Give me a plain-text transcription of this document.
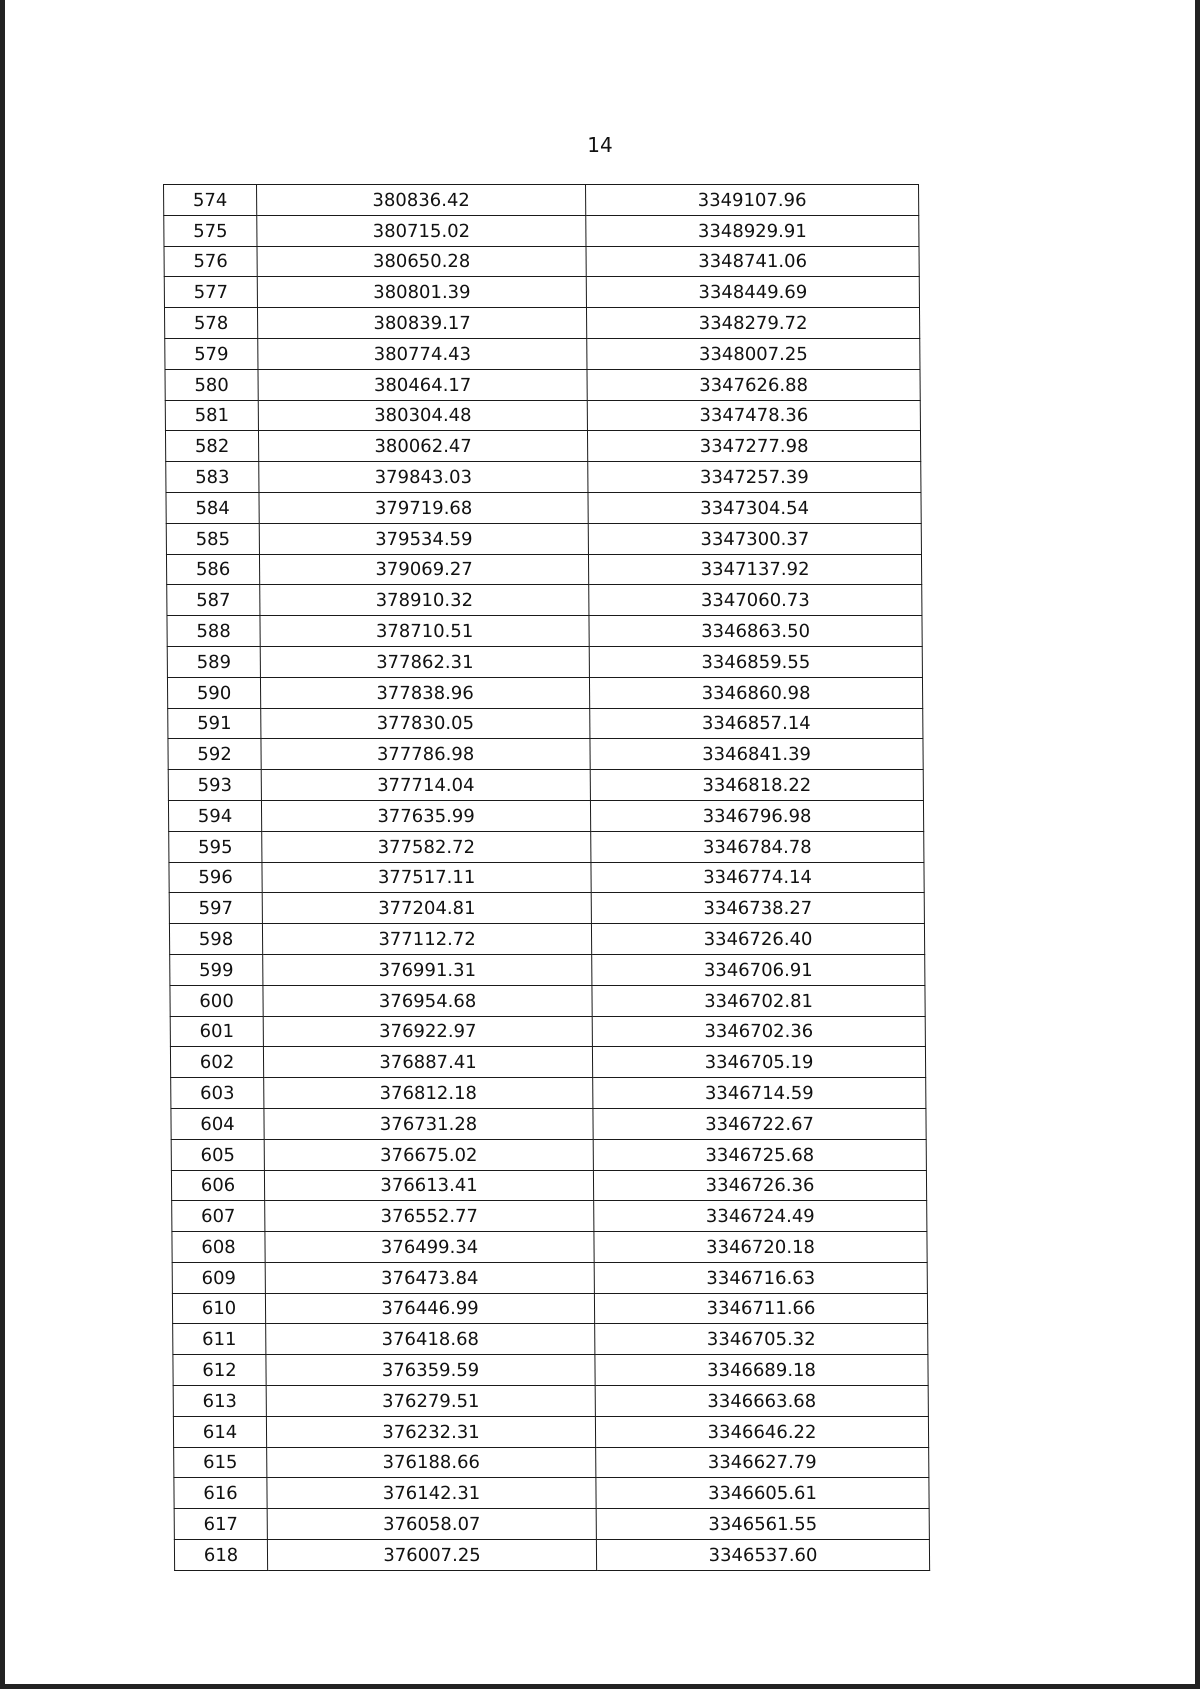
14
574	380836.42	3349107.96
575	380715.02	3348929.91
576	380650.28	3348741.06
577	380801.39	3348449.69
578	380839.17	3348279.72
579	380774.43	3348007.25
580	380464.17	3347626.88
581	380304.48	3347478.36
582	380062.47	3347277.98
583	379843.03	3347257.39
584	379719.68	3347304.54
585	379534.59	3347300.37
586	379069.27	3347137.92
587	378910.32	3347060.73
588	378710.51	3346863.50
589	377862.31	3346859.55
590	377838.96	3346860.98
591	377830.05	3346857.14
592	377786.98	3346841.39
593	377714.04	3346818.22
594	377635.99	3346796.98
595	377582.72	3346784.78
596	377517.11	3346774.14
597	377204.81	3346738.27
598	377112.72	3346726.40
599	376991.31	3346706.91
600	376954.68	3346702.81
601	376922.97	3346702.36
602	376887.41	3346705.19
603	376812.18	3346714.59
604	376731.28	3346722.67
605	376675.02	3346725.68
606	376613.41	3346726.36
607	376552.77	3346724.49
608	376499.34	3346720.18
609	376473.84	3346716.63
610	376446.99	3346711.66
611	376418.68	3346705.32
612	376359.59	3346689.18
613	376279.51	3346663.68
614	376232.31	3346646.22
615	376188.66	3346627.79
616	376142.31	3346605.61
617	376058.07	3346561.55
618	376007.25	3346537.60
